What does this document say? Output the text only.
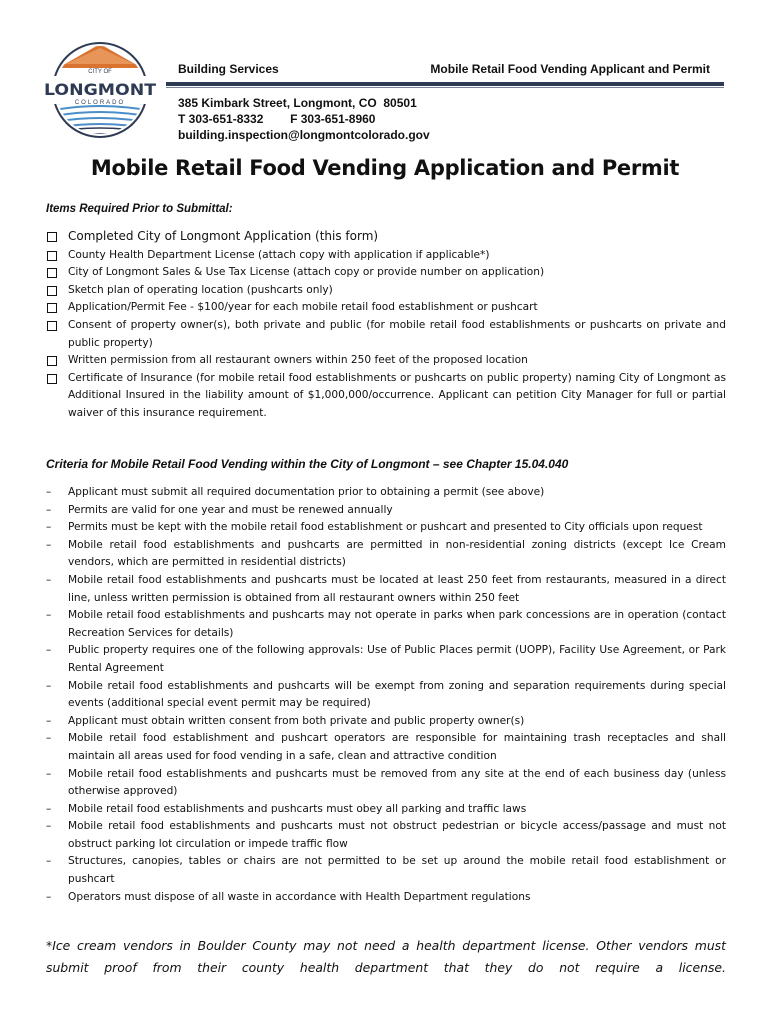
CITY OF
LONGMONT
COLORADO
Building Services	Mobile Retail Food Vending Applicant and Permit
385 Kimbark Street, Longmont, CO  80501
T 303-651-8332        F 303-651-8960
building.inspection@longmontcolorado.gov
Mobile Retail Food Vending Application and Permit
Items Required Prior to Submittal:
Completed City of Longmont Application (this form)
County Health Department License (attach copy with application if applicable*)
City of Longmont Sales & Use Tax License (attach copy or provide number on application)
Sketch plan of operating location (pushcarts only)
Application/Permit Fee - $100/year for each mobile retail food establishment or pushcart
Consent of property owner(s), both private and public (for mobile retail food establishments or pushcarts on private and public property)
Written permission from all restaurant owners within 250 feet of the proposed location
Certificate of Insurance (for mobile retail food establishments or pushcarts on public property) naming City of Longmont as Additional Insured in the liability amount of $1,000,000/occurrence. Applicant can petition City Manager for full or partial waiver of this insurance requirement.
Criteria for Mobile Retail Food Vending within the City of Longmont – see Chapter 15.04.040
– Applicant must submit all required documentation prior to obtaining a permit (see above)
– Permits are valid for one year and must be renewed annually
– Permits must be kept with the mobile retail food establishment or pushcart and presented to City officials upon request
– Mobile retail food establishments and pushcarts are permitted in non-residential zoning districts (except Ice Cream vendors, which are permitted in residential districts)
– Mobile retail food establishments and pushcarts must be located at least 250 feet from restaurants, measured in a direct line, unless written permission is obtained from all restaurant owners within 250 feet
– Mobile retail food establishments and pushcarts may not operate in parks when park concessions are in operation (contact Recreation Services for details)
– Public property requires one of the following approvals: Use of Public Places permit (UOPP), Facility Use Agreement, or Park Rental Agreement
– Mobile retail food establishments and pushcarts will be exempt from zoning and separation requirements during special events (additional special event permit may be required)
– Applicant must obtain written consent from both private and public property owner(s)
– Mobile retail food establishment and pushcart operators are responsible for maintaining trash receptacles and shall maintain all areas used for food vending in a safe, clean and attractive condition
– Mobile retail food establishments and pushcarts must be removed from any site at the end of each business day (unless otherwise approved)
– Mobile retail food establishments and pushcarts must obey all parking and traffic laws
– Mobile retail food establishments and pushcarts must not obstruct pedestrian or bicycle access/passage and must not obstruct parking lot circulation or impede traffic flow
– Structures, canopies, tables or chairs are not permitted to be set up around the mobile retail food establishment or pushcart
– Operators must dispose of all waste in accordance with Health Department regulations
*Ice cream vendors in Boulder County may not need a health department license. Other vendors must submit proof from their county health department that they do not require a license.
